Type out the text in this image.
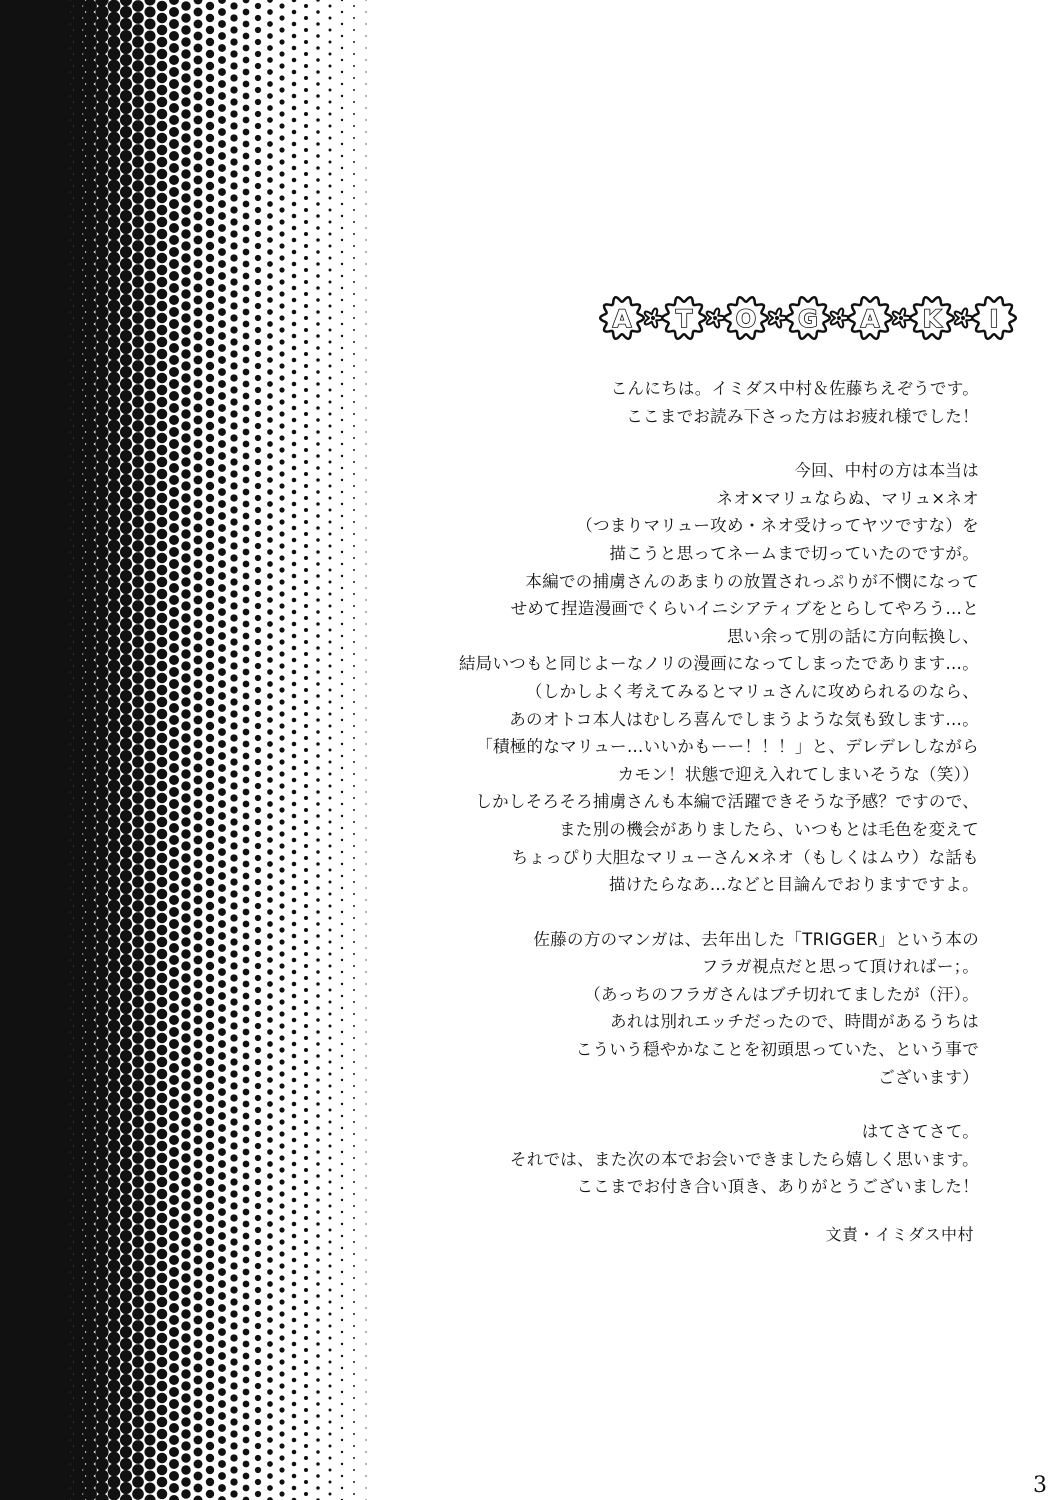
A T O G A K I
こんにちは。イミダス中村＆佐藤ちえぞうです。
ここまでお読み下さった方はお疲れ様でした！
今回、中村の方は本当は
ネオ×マリュならぬ、マリュ×ネオ
（つまりマリュー攻め・ネオ受けってヤツですな）を
描こうと思ってネームまで切っていたのですが。
本編での捕虜さんのあまりの放置されっぷりが不憫になって
せめて捏造漫画でくらいイニシアティブをとらしてやろう…と
思い余って別の話に方向転換し、
結局いつもと同じよーなノリの漫画になってしまったであります…。
（しかしよく考えてみるとマリュさんに攻められるのなら、
あのオトコ本人はむしろ喜んでしまうような気も致します…。
「積極的なマリュー…いいかもーー！！！」と、デレデレしながら
カモン！状態で迎え入れてしまいそうな（笑））
しかしそろそろ捕虜さんも本編で活躍できそうな予感？ですので、
また別の機会がありましたら、いつもとは毛色を変えて
ちょっぴり大胆なマリューさん×ネオ（もしくはムウ）な話も
描けたらなあ…などと目論んでおりますですよ。
佐藤の方のマンガは、去年出した「TRIGGER」という本の
フラガ視点だと思って頂ければー；。
（あっちのフラガさんはブチ切れてましたが（汗）。
あれは別れエッチだったので、時間があるうちは
こういう穏やかなことを初頭思っていた、という事で
ございます）
はてさてさて。
それでは、また次の本でお会いできましたら嬉しく思います。
ここまでお付き合い頂き、ありがとうございました！
文責・イミダス中村
3
